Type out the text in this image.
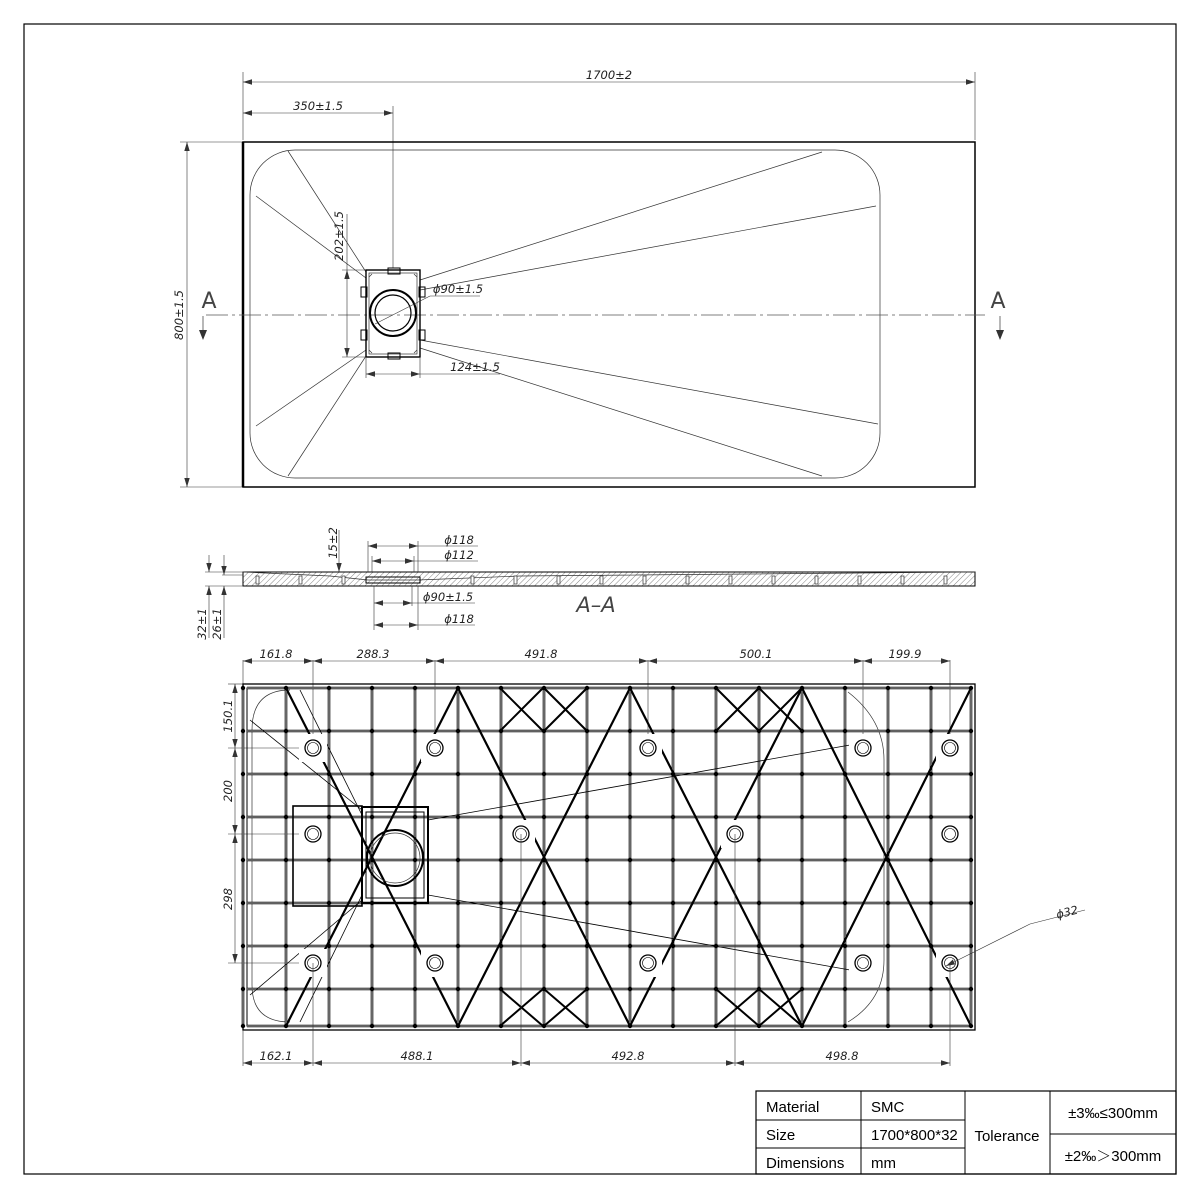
1700±2
350±1.5
800±1.5 A	A
202±1.5
ϕ90±1.5
124±1.5
15±2	ϕ118
ϕ112
ϕ90±1.5
ϕ118
A–A
32±1 26±1
161.8	288.3	491.8	500.1	199.9
150.1
200
298
ϕ32
162.1	488.1	492.8	498.8
Material	SMC
Size	1700*800*32
Dimensions mm
Tolerance
±3‰≤300mm
±2‰＞300mm
